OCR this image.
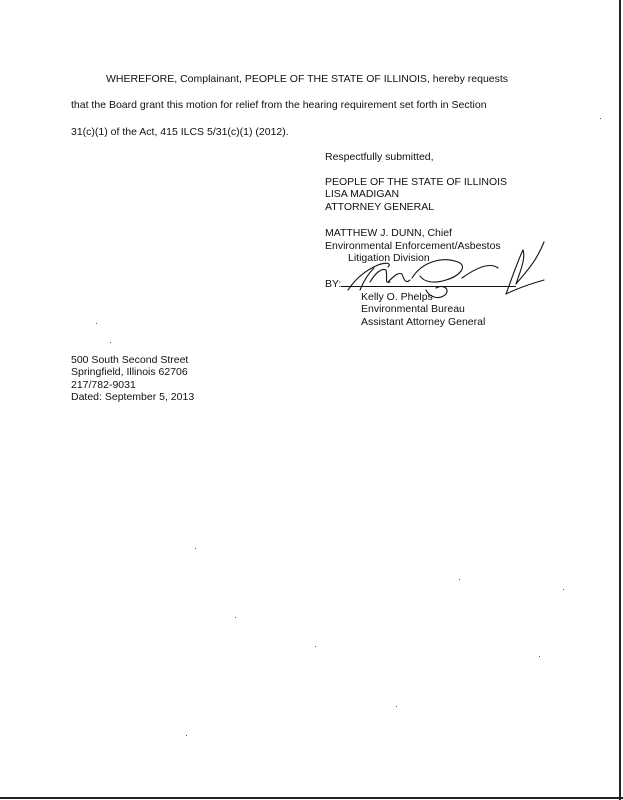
WHEREFORE, Complainant, PEOPLE OF THE STATE OF ILLINOIS, hereby requests
that the Board grant this motion for relief from the hearing requirement set forth in Section
31(c)(1) of the Act, 415 ILCS 5/31(c)(1) (2012).
Respectfully submitted,
PEOPLE OF THE STATE OF ILLINOIS
LISA MADIGAN
ATTORNEY GENERAL
MATTHEW J. DUNN, Chief
Environmental Enforcement/Asbestos
Litigation Division
BY:
Kelly O. Phelps
Environmental Bureau
Assistant Attorney General
500 South Second Street
Springfield, Illinois 62706
217/782-9031
Dated: September 5, 2013
